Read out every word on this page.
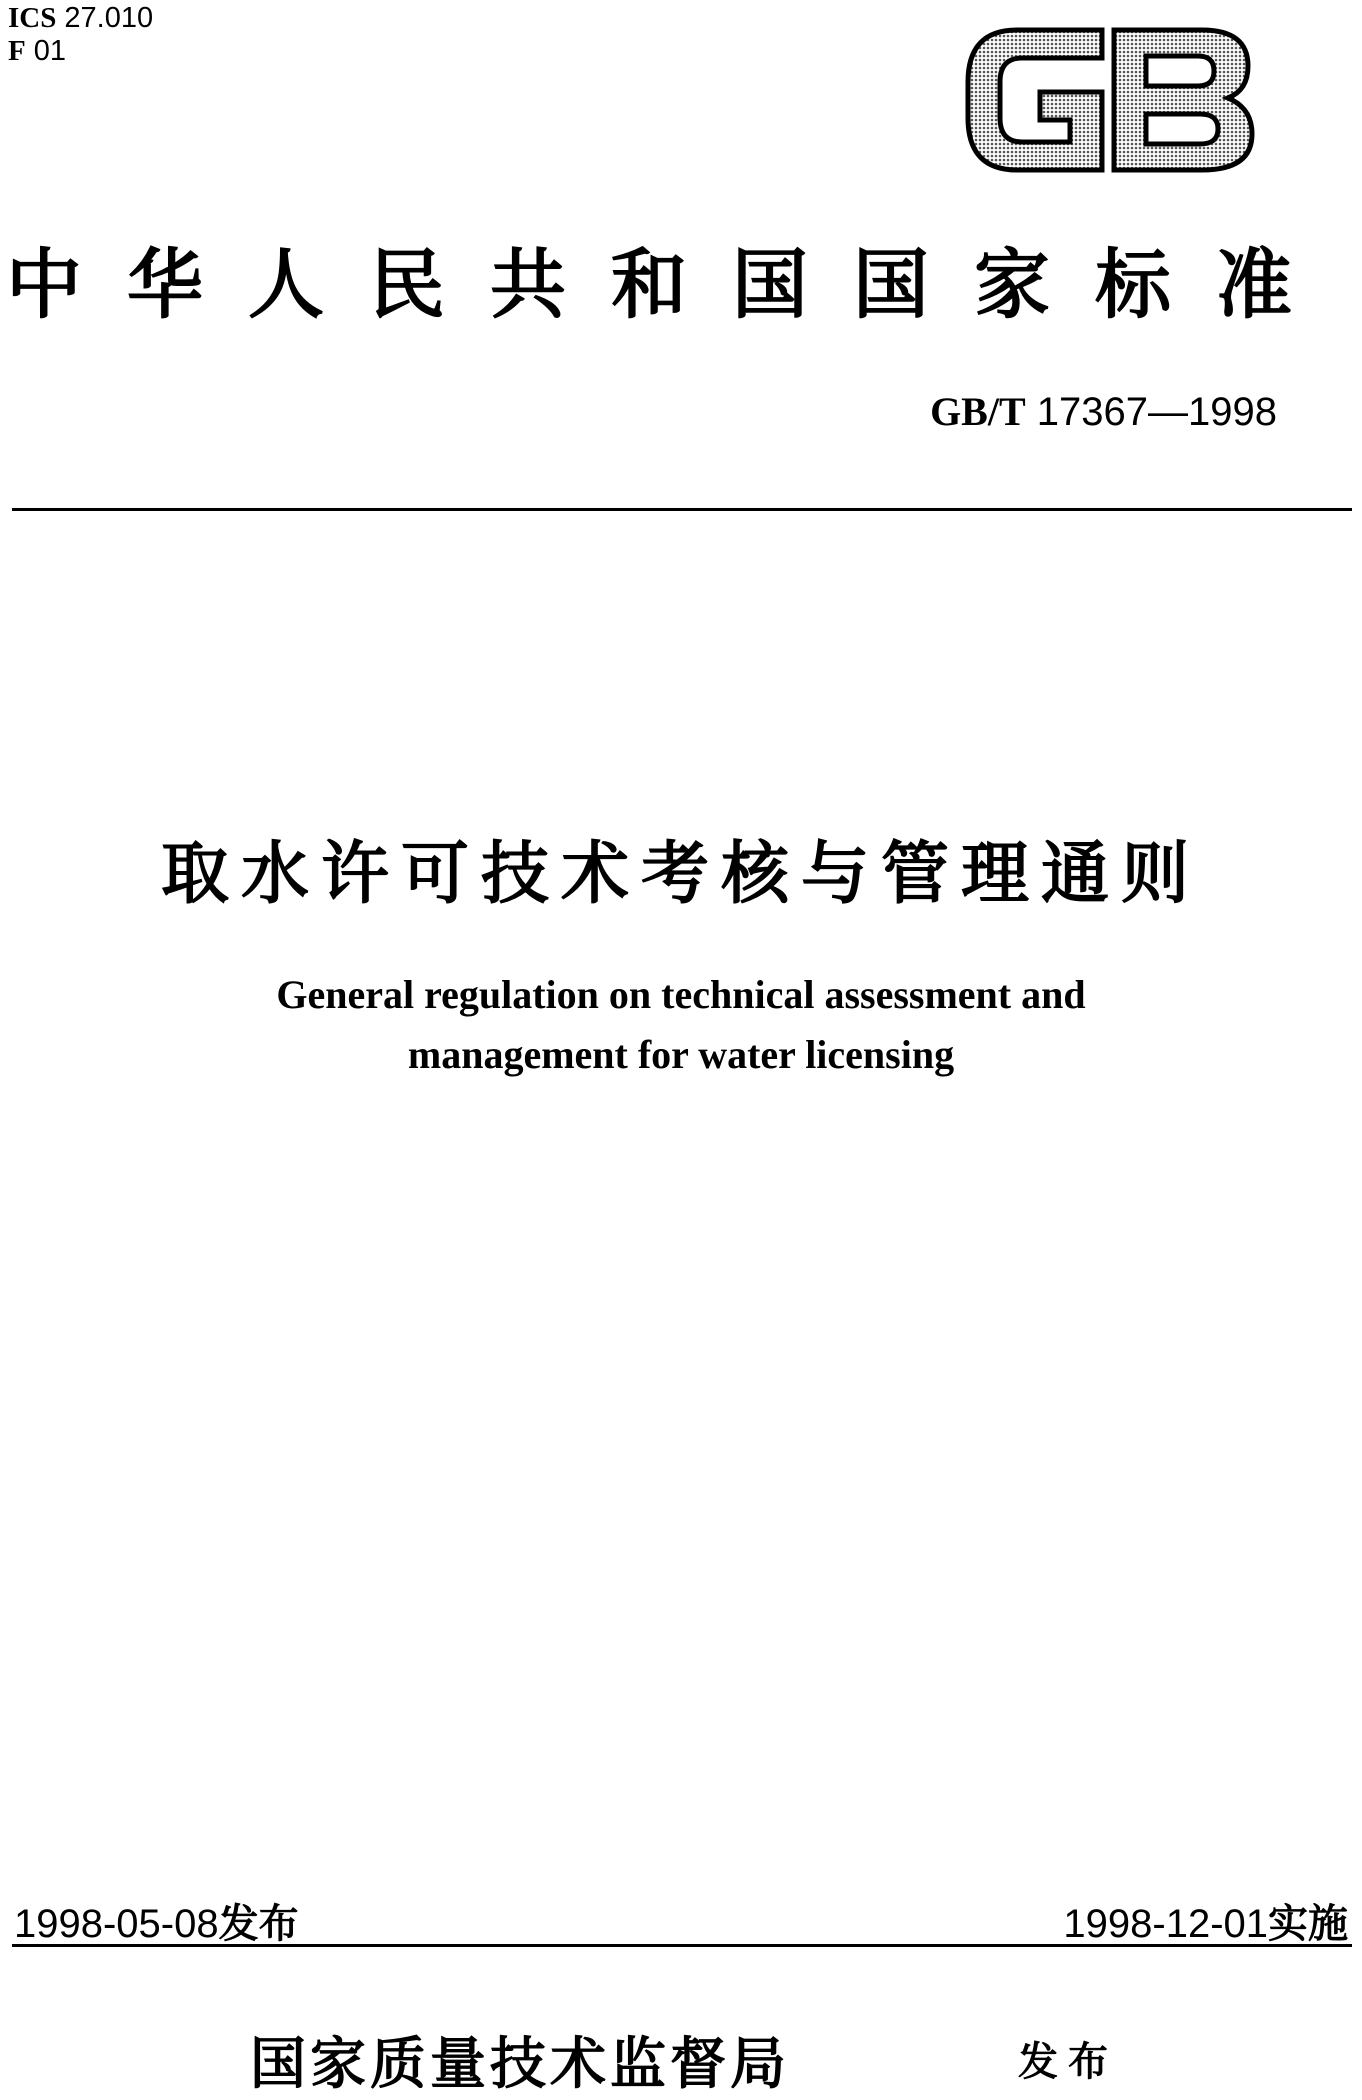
ICS 27.010
F 01
中华人民共和国国家标准
GB/T 17367—1998
取水许可技术考核与管理通则
General regulation on technical assessment and
management for water licensing
1998-05-08发布	1998-12-01实施
国家质量技术监督局	发布
